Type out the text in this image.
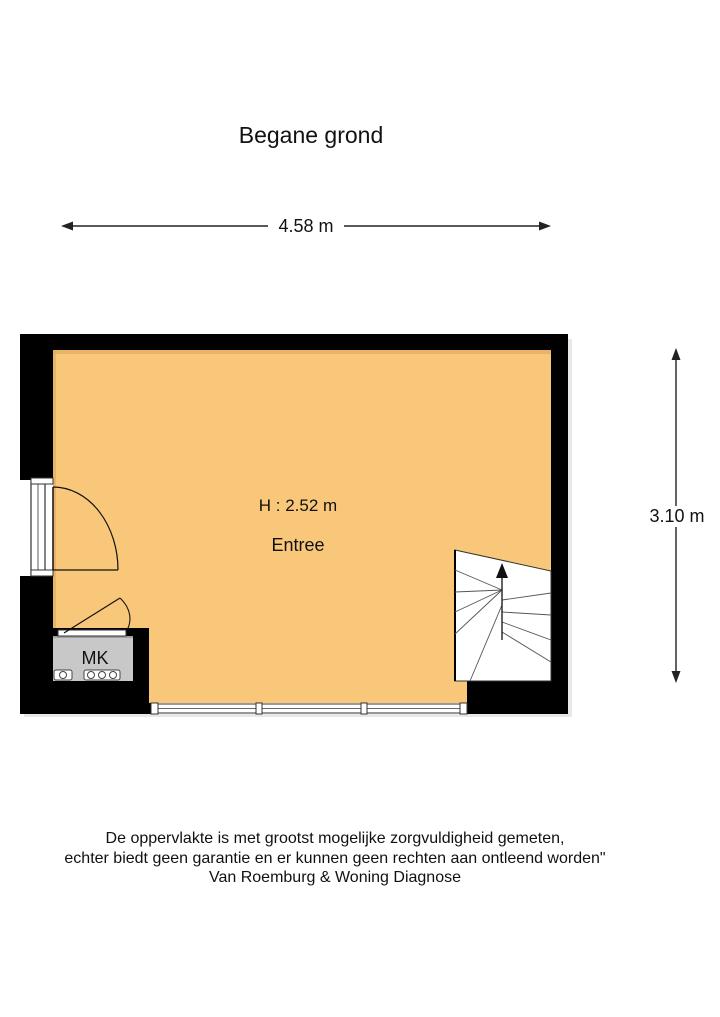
Begane grond
4.58 m
3.10 m
H : 2.52 m
Entree
MK
De oppervlakte is met grootst mogelijke zorgvuldigheid gemeten,
echter biedt geen garantie en er kunnen geen rechten aan ontleend worden"
Van Roemburg & Woning Diagnose
